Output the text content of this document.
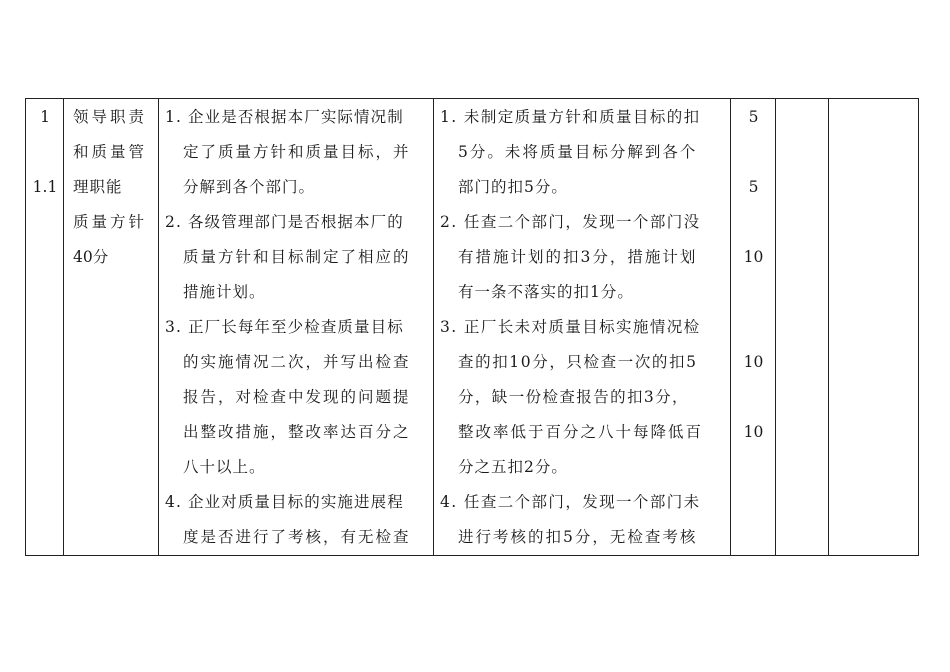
1
1.1
领导职责
和质量管
理职能
质量方针
40分
1. 企业是否根据本厂实际情况制
定了质量方针和质量目标，并
分解到各个部门。
2. 各级管理部门是否根据本厂的
质量方针和目标制定了相应的
措施计划。
3. 正厂长每年至少检查质量目标
的实施情况二次，并写出检查
报告，对检查中发现的问题提
出整改措施，整改率达百分之
八十以上。
4. 企业对质量目标的实施进展程
度是否进行了考核，有无检查
1. 未制定质量方针和质量目标的扣
5分。未将质量目标分解到各个
部门的扣5分。
2. 任查二个部门，发现一个部门没
有措施计划的扣3分，措施计划
有一条不落实的扣1分。
3. 正厂长未对质量目标实施情况检
查的扣10分，只检查一次的扣5
分，缺一份检查报告的扣3分，
整改率低于百分之八十每降低百
分之五扣2分。
4. 任查二个部门，发现一个部门未
进行考核的扣5分，无检查考核
5
5
10
10
10
